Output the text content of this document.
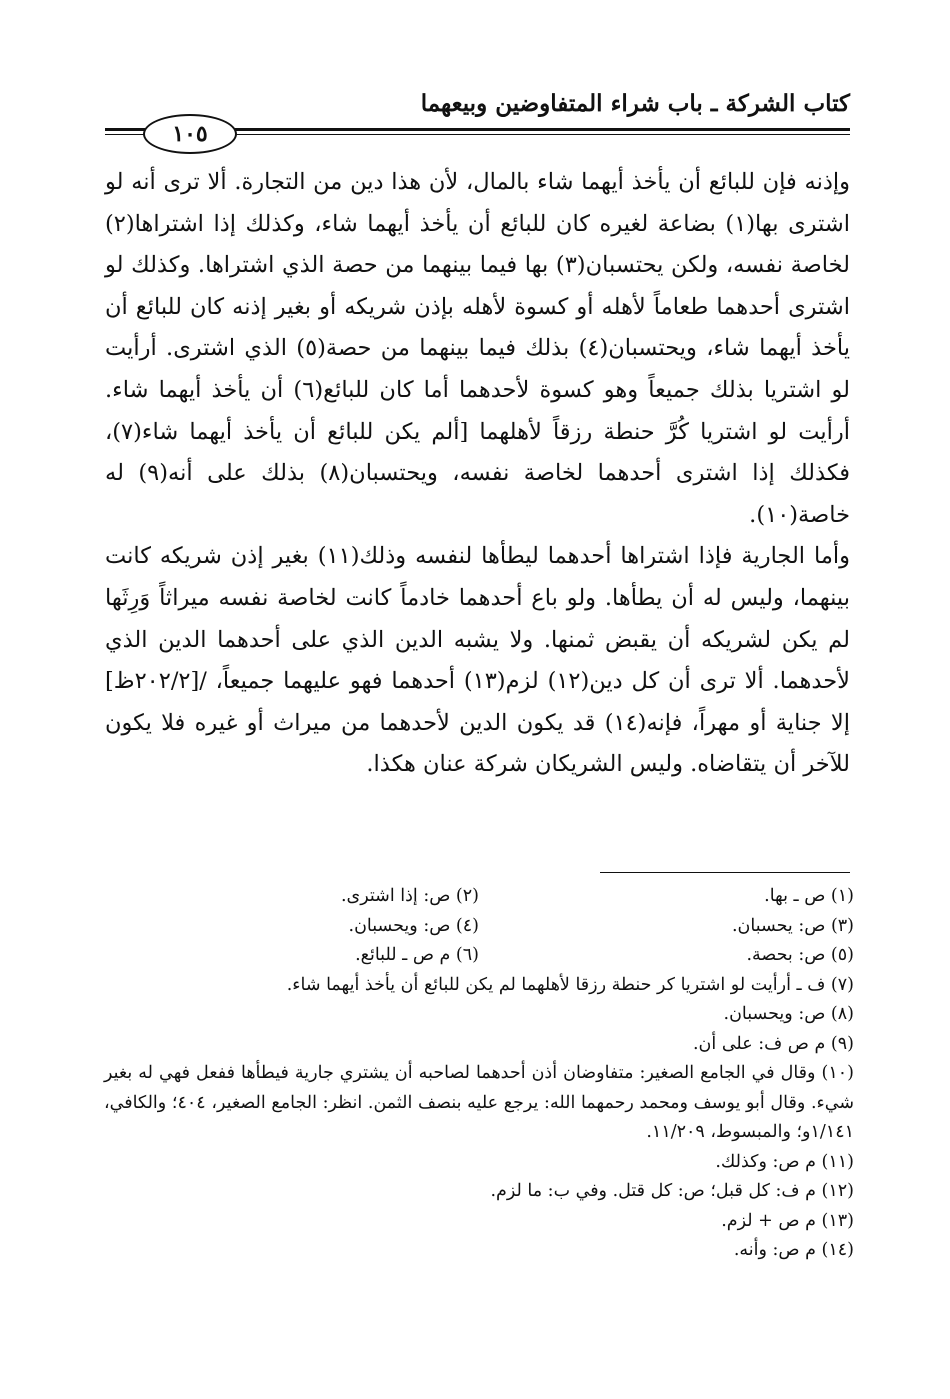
كتاب الشركة ـ باب شراء المتفاوضين وبيعهما
١٠٥

وإذنه فإن للبائع أن يأخذ أيهما شاء بالمال، لأن هذا دين من التجارة. ألا ترى أنه لو اشترى بها(١) بضاعة لغيره كان للبائع أن يأخذ أيهما شاء، وكذلك إذا اشتراها(٢) لخاصة نفسه، ولكن يحتسبان(٣) بها فيما بينهما من حصة الذي اشتراها. وكذلك لو اشترى أحدهما طعاماً لأهله أو كسوة لأهله بإذن شريكه أو بغير إذنه كان للبائع أن يأخذ أيهما شاء، ويحتسبان(٤) بذلك فيما بينهما من حصة(٥) الذي اشترى. أرأيت لو اشتريا بذلك جميعاً وهو كسوة لأحدهما أما كان للبائع(٦) أن يأخذ أيهما شاء. أرأيت لو اشتريا كُرَّ حنطة رزقاً لأهلهما [ألم يكن للبائع أن يأخذ أيهما شاء(٧)، فكذلك إذا اشترى أحدهما لخاصة نفسه، ويحتسبان(٨) بذلك على أنه(٩) له خاصة(١٠).

وأما الجارية فإذا اشتراها أحدهما ليطأها لنفسه وذلك(١١) بغير إذن شريكه كانت بينهما، وليس له أن يطأها. ولو باع أحدهما خادماً كانت لخاصة نفسه ميراثاً وَرِثَها لم يكن لشريكه أن يقبض ثمنها. ولا يشبه الدين الذي على أحدهما الدين الذي لأحدهما. ألا ترى أن كل دين(١٢) لزم(١٣) أحدهما فهو عليهما جميعاً، /[٢٠٢/٢ظ] إلا جناية أو مهراً، فإنه(١٤) قد يكون الدين لأحدهما من ميراث أو غيره فلا يكون للآخر أن يتقاضاه. وليس الشريكان شركة عنان هكذا.

(١) ص ـ بها.
(٢) ص: إذا اشترى.
(٣) ص: يحسبان.
(٤) ص: ويحسبان.
(٥) ص: بحصة.
(٦) م ص ـ للبائع.
(٧) ف ـ أرأيت لو اشتريا كر حنطة رزقا لأهلهما لم يكن للبائع أن يأخذ أيهما شاء.
(٨) ص: ويحسبان.
(٩) م ص ف: على أن.
(١٠) وقال في الجامع الصغير: متفاوضان أذن أحدهما لصاحبه أن يشتري جارية فيطأها ففعل فهي له بغير شيء. وقال أبو يوسف ومحمد رحمهما الله: يرجع عليه بنصف الثمن. انظر: الجامع الصغير، ٤٠٤؛ والكافي، ١/١٤١و؛ والمبسوط، ١١/٢٠٩.
(١١) م ص: وكذلك.
(١٢) م ف: كل قبل؛ ص: كل قتل. وفي ب: ما لزم.
(١٣) م ص + لزم.
(١٤) م ص: وأنه.
